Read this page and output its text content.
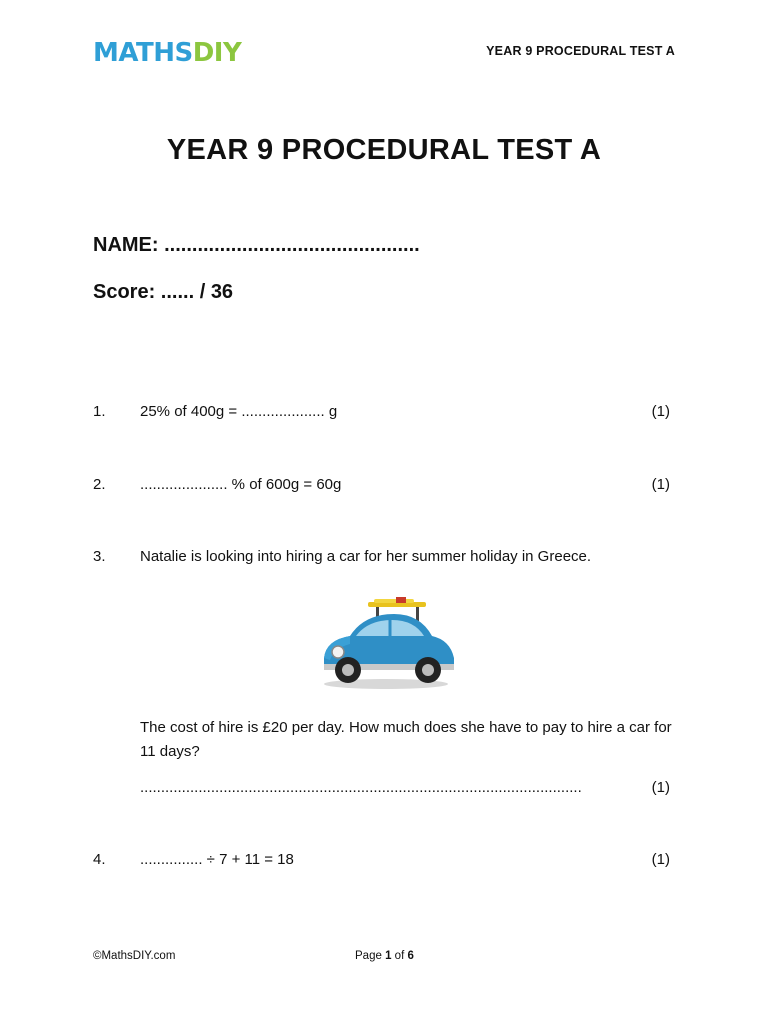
MATHSDIY	YEAR 9 PROCEDURAL TEST A
YEAR 9 PROCEDURAL TEST A
NAME: ..............................................
Score: ...... / 36
1. 25% of 400g = .................... g	(1)
2. ..................... % of 600g = 60g	(1)
3. Natalie is looking into hiring a car for her summer holiday in Greece.
The cost of hire is £20 per day. How much does she have to pay to hire a car for 11 days?
..........................................................................................................	(1)
4. ............... ÷ 7 + 11 = 18	(1)
©MathsDIY.com	Page 1 of 6
